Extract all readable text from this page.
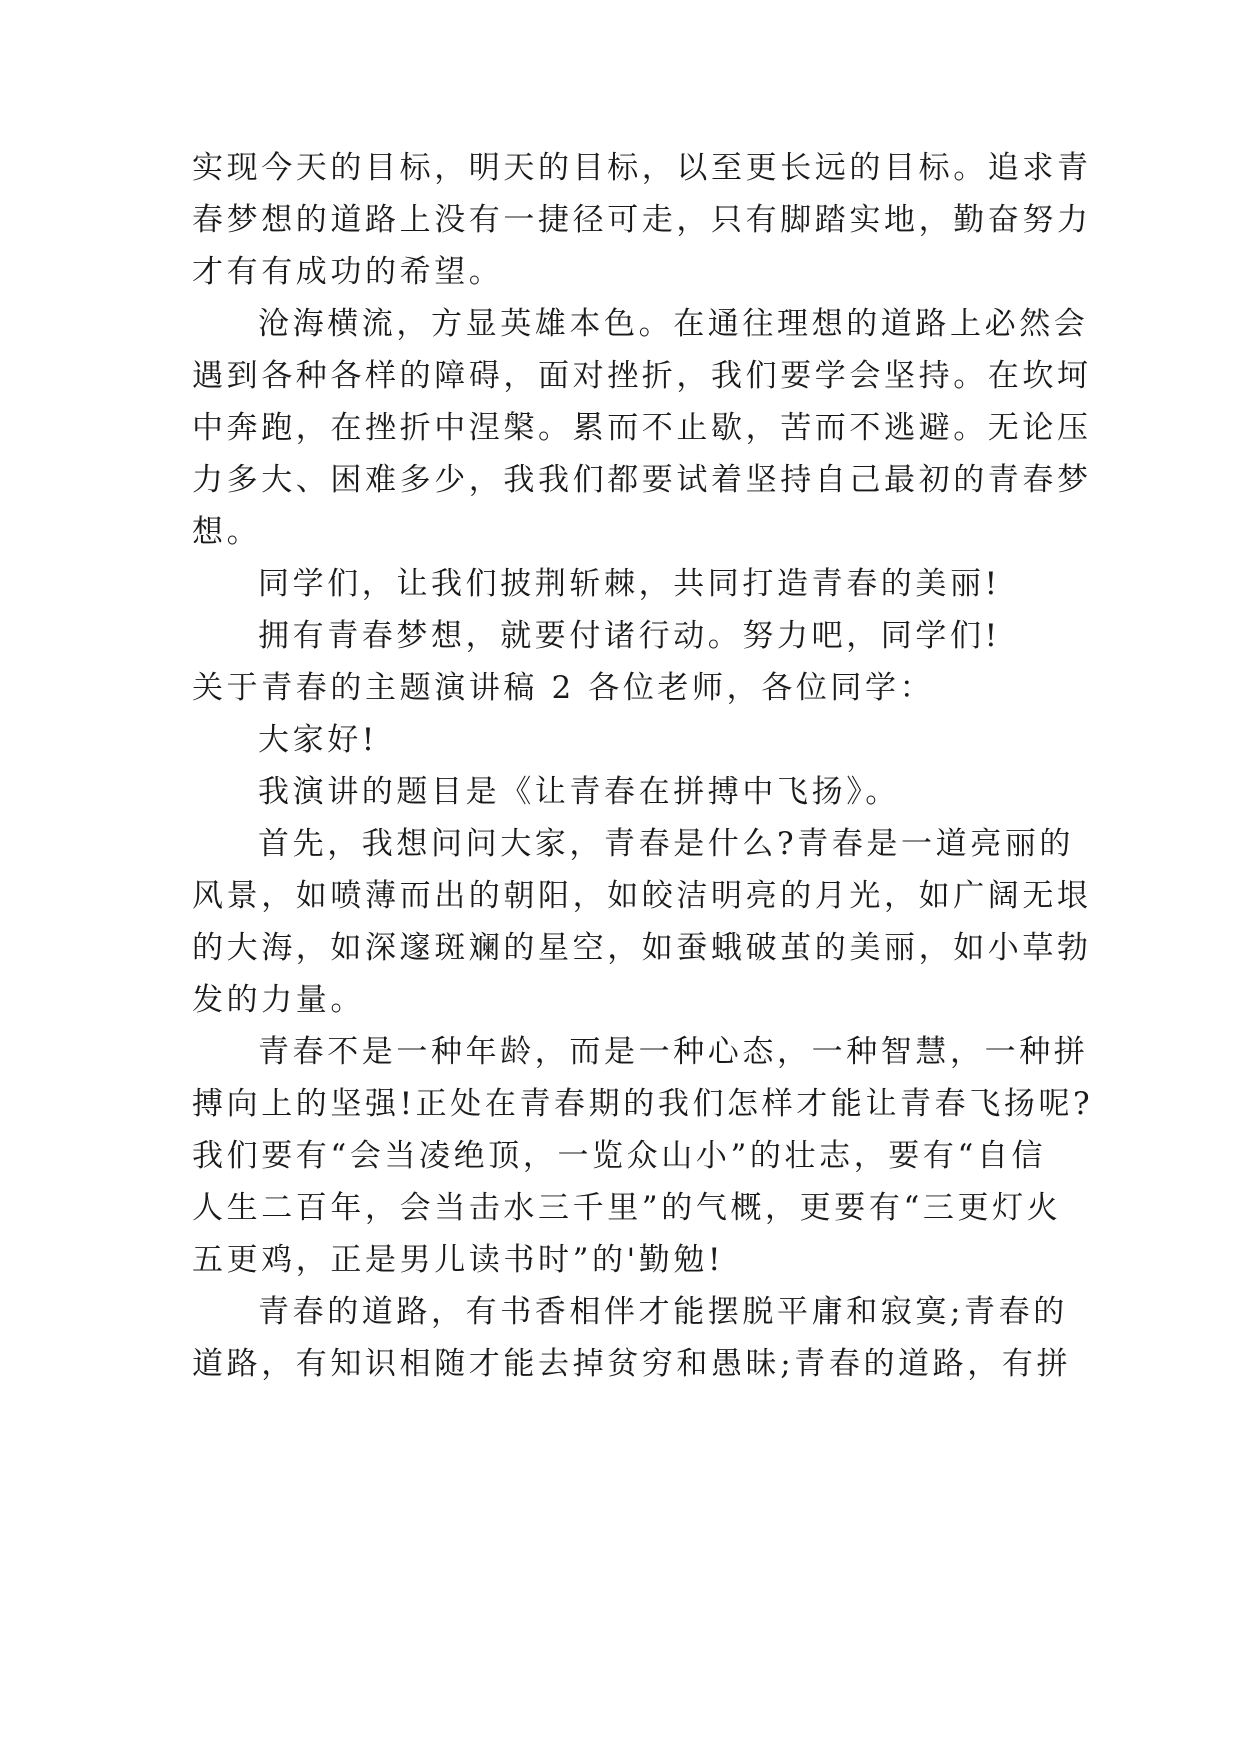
实现今天的目标，明天的目标，以至更长远的目标。追求青
春梦想的道路上没有一捷径可走，只有脚踏实地，勤奋努力
才有有成功的希望。
沧海横流，方显英雄本色。在通往理想的道路上必然会
遇到各种各样的障碍，面对挫折，我们要学会坚持。在坎坷
中奔跑，在挫折中涅槃。累而不止歇，苦而不逃避。无论压
力多大、困难多少，我我们都要试着坚持自己最初的青春梦
想。
同学们，让我们披荆斩棘，共同打造青春的美丽!
拥有青春梦想，就要付诸行动。努力吧，同学们!
关于青春的主题演讲稿 2 各位老师，各位同学：
大家好!
我演讲的题目是《让青春在拼搏中飞扬》。
首先，我想问问大家，青春是什么?青春是一道亮丽的
风景，如喷薄而出的朝阳，如皎洁明亮的月光，如广阔无垠
的大海，如深邃斑斓的星空，如蚕蛾破茧的美丽，如小草勃
发的力量。
青春不是一种年龄，而是一种心态，一种智慧，一种拼
搏向上的坚强!正处在青春期的我们怎样才能让青春飞扬呢?
我们要有“会当凌绝顶，一览众山小”的壮志，要有“自信
人生二百年，会当击水三千里”的气概，更要有“三更灯火
五更鸡，正是男儿读书时”的'勤勉!
青春的道路，有书香相伴才能摆脱平庸和寂寞;青春的
道路，有知识相随才能去掉贫穷和愚昧;青春的道路，有拼
